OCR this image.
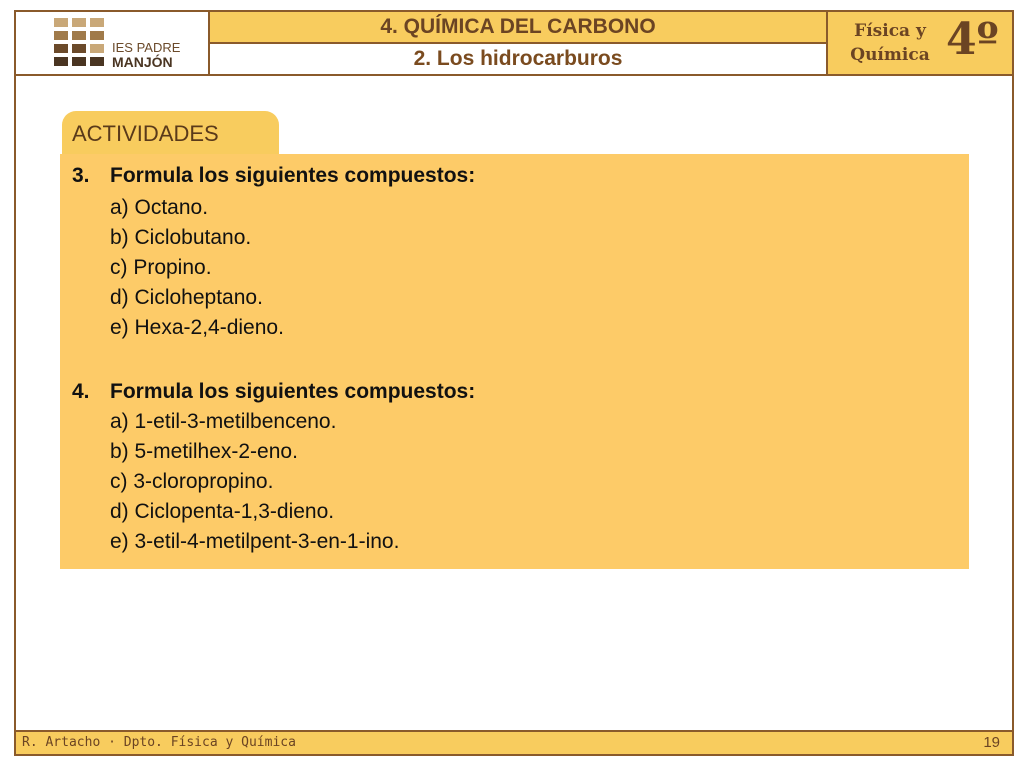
IES PADRE
MANJÓN
4. QUÍMICA DEL CARBONO
2. Los hidrocarburos
Física y
Química 4º
ACTIVIDADES
3. Formula los siguientes compuestos:
a) Octano.
b) Ciclobutano.
c) Propino.
d) Cicloheptano.
e) Hexa-2,4-dieno.
4. Formula los siguientes compuestos:
a) 1-etil-3-metilbenceno.
b) 5-metilhex-2-eno.
c) 3-cloropropino.
d) Ciclopenta-1,3-dieno.
e) 3-etil-4-metilpent-3-en-1-ino.
R. Artacho · Dpto. Física y Química	19
